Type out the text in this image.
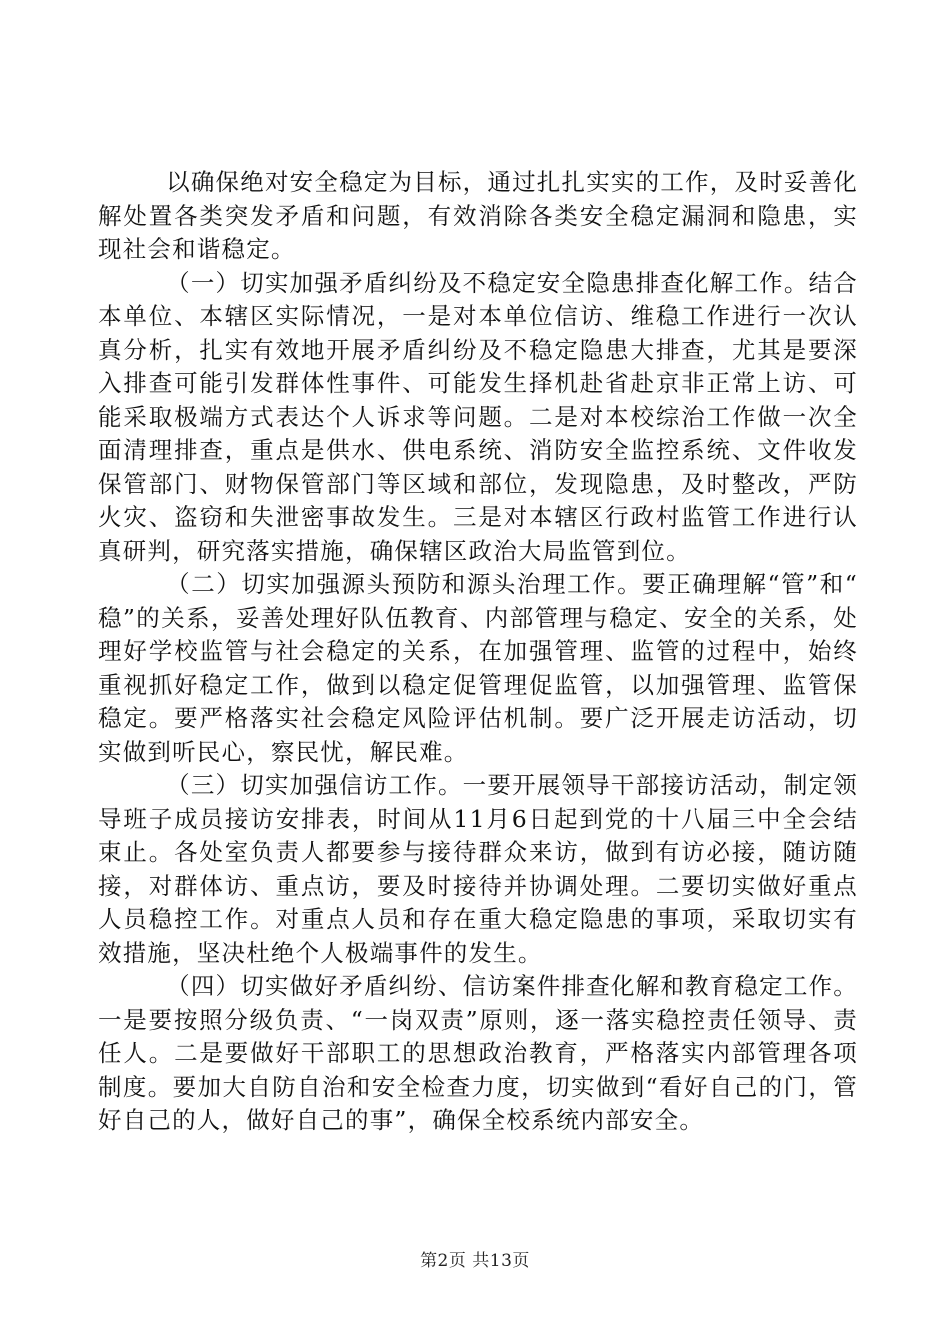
以确保绝对安全稳定为目标，通过扎扎实实的工作，及时妥善化解处置各类突发矛盾和问题，有效消除各类安全稳定漏洞和隐患，实现社会和谐稳定。

（一）切实加强矛盾纠纷及不稳定安全隐患排查化解工作。结合本单位、本辖区实际情况，一是对本单位信访、维稳工作进行一次认真分析，扎实有效地开展矛盾纠纷及不稳定隐患大排查，尤其是要深入排查可能引发群体性事件、可能发生择机赴省赴京非正常上访、可能采取极端方式表达个人诉求等问题。二是对本校综治工作做一次全面清理排查，重点是供水、供电系统、消防安全监控系统、文件收发保管部门、财物保管部门等区域和部位，发现隐患，及时整改，严防火灾、盗窃和失泄密事故发生。三是对本辖区行政村监管工作进行认真研判，研究落实措施，确保辖区政治大局监管到位。

（二）切实加强源头预防和源头治理工作。要正确理解“管”和“稳”的关系，妥善处理好队伍教育、内部管理与稳定、安全的关系，处理好学校监管与社会稳定的关系，在加强管理、监管的过程中，始终重视抓好稳定工作，做到以稳定促管理促监管，以加强管理、监管保稳定。要严格落实社会稳定风险评估机制。要广泛开展走访活动，切实做到听民心，察民忧，解民难。

（三）切实加强信访工作。一要开展领导干部接访活动，制定领导班子成员接访安排表，时间从11月6日起到党的十八届三中全会结束止。各处室负责人都要参与接待群众来访，做到有访必接，随访随接，对群体访、重点访，要及时接待并协调处理。二要切实做好重点人员稳控工作。对重点人员和存在重大稳定隐患的事项，采取切实有效措施，坚决杜绝个人极端事件的发生。

（四）切实做好矛盾纠纷、信访案件排查化解和教育稳定工作。一是要按照分级负责、“一岗双责”原则，逐一落实稳控责任领导、责任人。二是要做好干部职工的思想政治教育，严格落实内部管理各项制度。要加大自防自治和安全检查力度，切实做到“看好自己的门，管好自己的人，做好自己的事”，确保全校系统内部安全。

第2页 共13页
